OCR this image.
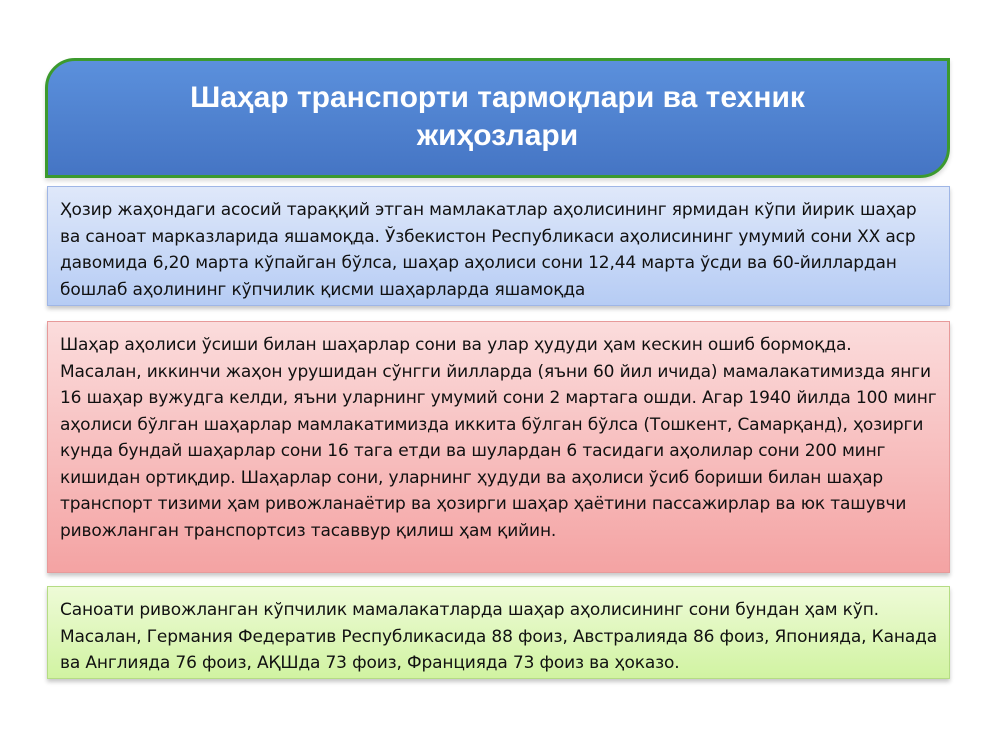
Шаҳар транспорти тармоқлари ва техник жиҳозлари
Ҳозир жаҳондаги асосий тараққий этган мамлакатлар аҳолисининг ярмидан кўпи йирик шаҳар ва саноат марказларида яшамоқда. Ўзбекистон Республикаси аҳолисининг умумий сони XX аср давомида 6,20 марта кўпайган бўлса, шаҳар аҳолиси сони 12,44 марта ўсди ва 60-йиллардан бошлаб аҳолининг кўпчилик қисми шаҳарларда яшамоқда
Шаҳар аҳолиси ўсиши билан шаҳарлар сони ва улар ҳудуди ҳам кескин ошиб бормоқда. Масалан, иккинчи жаҳон урушидан сўнгги йилларда (яъни 60 йил ичида) мамалакатимизда янги 16 шаҳар вужудга келди, яъни уларнинг умумий сони 2 мартага ошди. Агар 1940 йилда 100 минг аҳолиси бўлган шаҳарлар мамлакатимизда иккита бўлган бўлса (Тошкент, Самарқанд), ҳозирги кунда бундай шаҳарлар сони 16 тага етди ва шулардан 6 тасидаги аҳолилар сони 200 минг кишидан ортиқдир. Шаҳарлар сони, уларнинг ҳудуди ва аҳолиси ўсиб бориши билан шаҳар транспорт тизими ҳам ривожланаётир ва ҳозирги шаҳар ҳаётини пассажирлар ва юк ташувчи ривожланган транспортсиз тасаввур қилиш ҳам қийин.
Саноати ривожланган кўпчилик мамалакатларда шаҳар аҳолисининг сони бундан ҳам кўп. Масалан, Германия Федератив Республикасида 88 фоиз, Австралияда 86 фоиз, Японияда, Канада ва Англияда 76 фоиз, АҚШда 73 фоиз, Францияда 73 фоиз ва ҳоказо.
